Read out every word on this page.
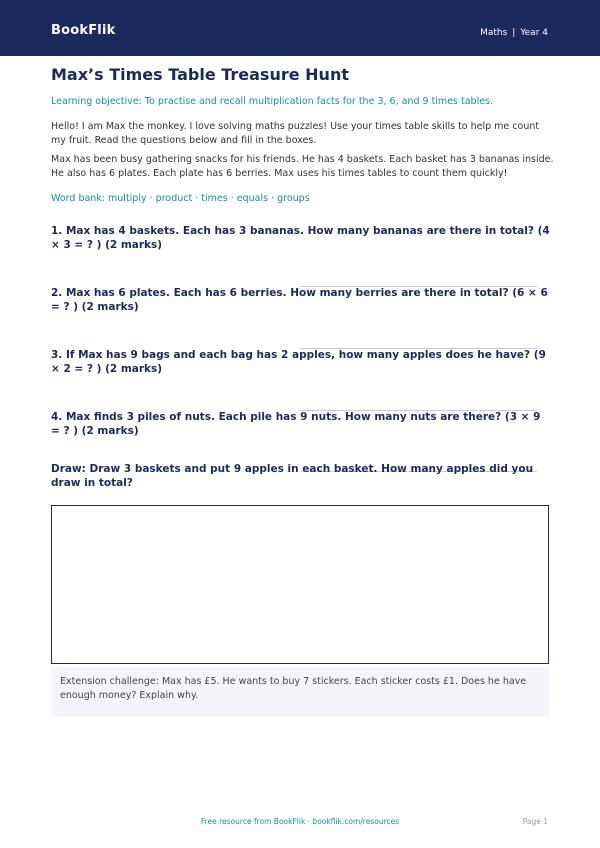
BookFlik	Maths | Year 4
Max’s Times Table Treasure Hunt
Learning objective: To practise and recall multiplication facts for the 3, 6, and 9 times tables.
Hello! I am Max the monkey. I love solving maths puzzles! Use your times table skills to help me count my fruit. Read the questions below and fill in the boxes.
Max has been busy gathering snacks for his friends. He has 4 baskets. Each basket has 3 bananas inside. He also has 6 plates. Each plate has 6 berries. Max uses his times tables to count them quickly!
Word bank: multiply · product · times · equals · groups
1. Max has 4 baskets. Each has 3 bananas. How many bananas are there in total? (4 × 3 = ? ) (2 marks)
2. Max has 6 plates. Each has 6 berries. How many berries are there in total? (6 × 6 = ? ) (2 marks)
3. If Max has 9 bags and each bag has 2 apples, how many apples does he have? (9 × 2 = ? ) (2 marks)
4. Max finds 3 piles of nuts. Each pile has 9 nuts. How many nuts are there? (3 × 9 = ? ) (2 marks)
Draw: Draw 3 baskets and put 9 apples in each basket. How many apples did you draw in total?
Extension challenge: Max has £5. He wants to buy 7 stickers. Each sticker costs £1. Does he have enough money? Explain why.
Free resource from BookFlik · bookflik.com/resources	Page 1
